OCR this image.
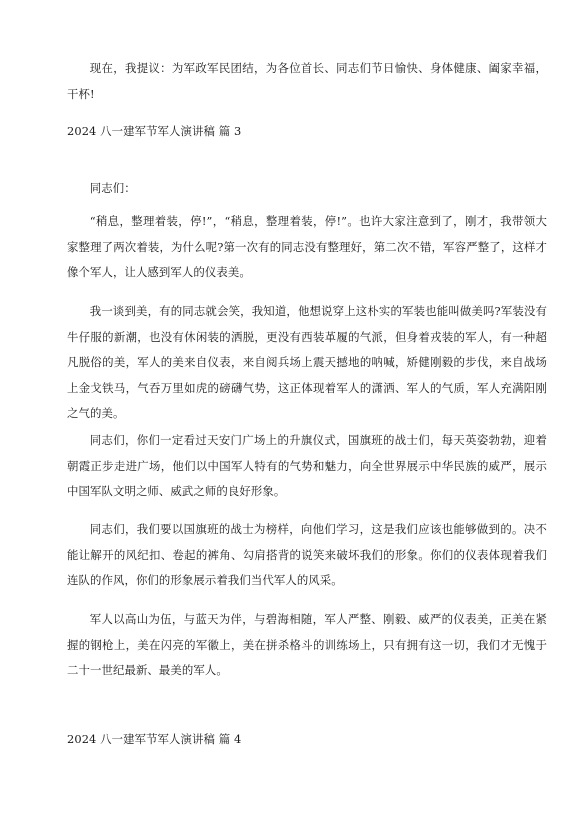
现在，我提议：为军政军民团结，为各位首长、同志们节日愉快、身体健康、阖家幸福，干杯!

2024 八一建军节军人演讲稿 篇 3

同志们：

“稍息，整理着装，停!”，“稍息，整理着装，停!”。也许大家注意到了，刚才，我带领大家整理了两次着装，为什么呢?第一次有的同志没有整理好，第二次不错，军容严整了，这样才像个军人，让人感到军人的仪表美。

我一谈到美，有的同志就会笑，我知道，他想说穿上这朴实的军装也能叫做美吗?军装没有牛仔服的新潮，也没有休闲装的洒脱，更没有西装革履的气派，但身着戎装的军人，有一种超凡脱俗的美，军人的美来自仪表，来自阅兵场上震天撼地的呐喊，矫健刚毅的步伐，来自战场上金戈铁马，气吞万里如虎的磅礴气势，这正体现着军人的潇洒、军人的气质，军人充满阳刚之气的美。

同志们，你们一定看过天安门广场上的升旗仪式，国旗班的战士们，每天英姿勃勃，迎着朝霞正步走进广场，他们以中国军人特有的气势和魅力，向全世界展示中华民族的威严，展示中国军队文明之师、威武之师的良好形象。

同志们，我们要以国旗班的战士为榜样，向他们学习，这是我们应该也能够做到的。决不能让解开的风纪扣、卷起的裤角、勾肩搭背的说笑来破坏我们的形象。你们的仪表体现着我们连队的作风，你们的形象展示着我们当代军人的风采。

军人以高山为伍，与蓝天为伴，与碧海相随，军人严整、刚毅、威严的仪表美，正美在紧握的钢枪上，美在闪亮的军徽上，美在拼杀格斗的训练场上，只有拥有这一切，我们才无愧于二十一世纪最新、最美的军人。

2024 八一建军节军人演讲稿 篇 4
